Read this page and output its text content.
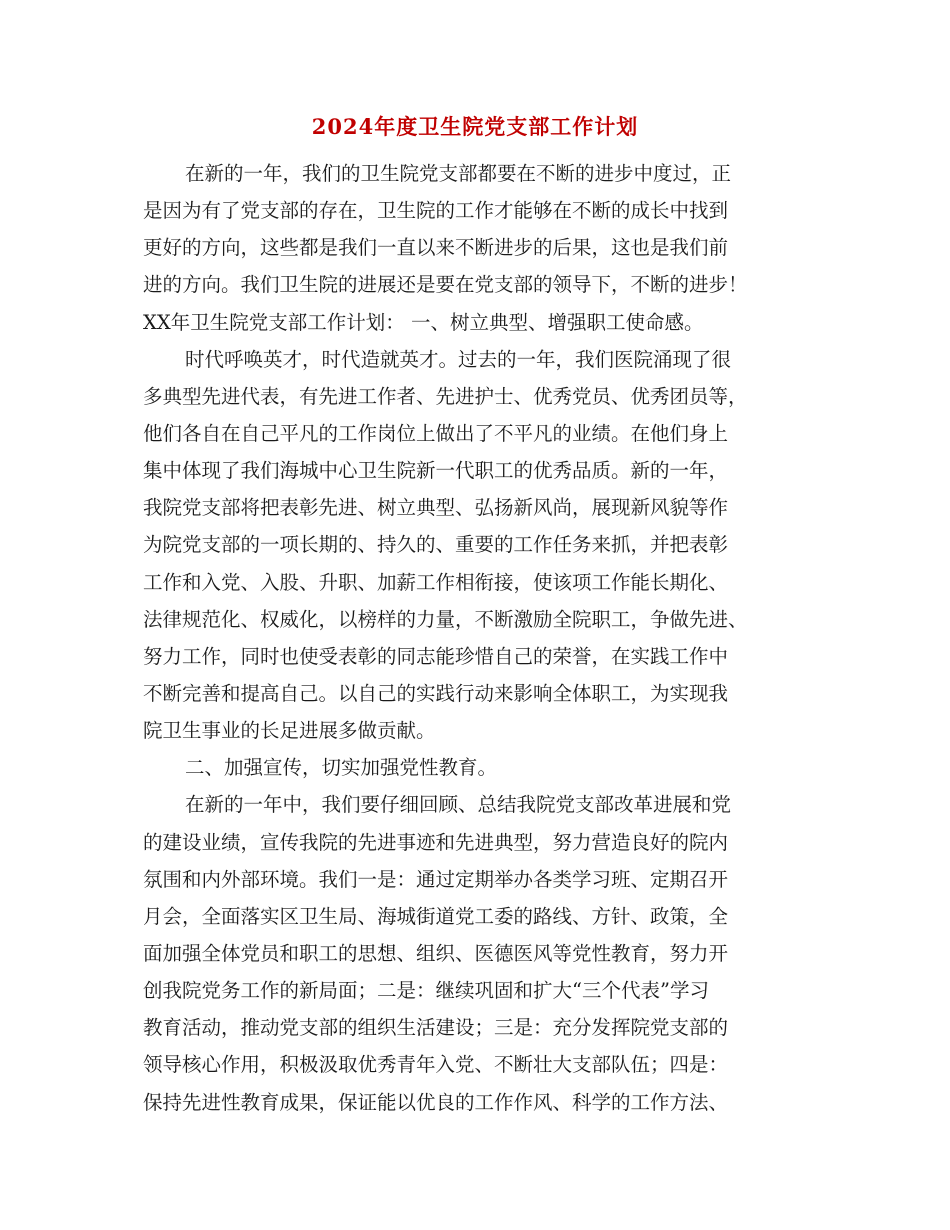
2024年度卫生院党支部工作计划
在新的一年，我们的卫生院党支部都要在不断的进步中度过，正
是因为有了党支部的存在，卫生院的工作才能够在不断的成长中找到
更好的方向，这些都是我们一直以来不断进步的后果，这也是我们前
进的方向。我们卫生院的进展还是要在党支部的领导下，不断的进步！
XX年卫生院党支部工作计划： 一、树立典型、增强职工使命感。
时代呼唤英才，时代造就英才。过去的一年，我们医院涌现了很
多典型先进代表，有先进工作者、先进护士、优秀党员、优秀团员等，
他们各自在自己平凡的工作岗位上做出了不平凡的业绩。在他们身上
集中体现了我们海城中心卫生院新一代职工的优秀品质。新的一年，
我院党支部将把表彰先进、树立典型、弘扬新风尚，展现新风貌等作
为院党支部的一项长期的、持久的、重要的工作任务来抓，并把表彰
工作和入党、入股、升职、加薪工作相衔接，使该项工作能长期化、
法律规范化、权威化，以榜样的力量，不断激励全院职工，争做先进、
努力工作，同时也使受表彰的同志能珍惜自己的荣誉，在实践工作中
不断完善和提高自己。以自己的实践行动来影响全体职工，为实现我
院卫生事业的长足进展多做贡献。
二、加强宣传，切实加强党性教育。
在新的一年中，我们要仔细回顾、总结我院党支部改革进展和党
的建设业绩，宣传我院的先进事迹和先进典型，努力营造良好的院内
氛围和内外部环境。我们一是：通过定期举办各类学习班、定期召开
月会，全面落实区卫生局、海城街道党工委的路线、方针、政策，全
面加强全体党员和职工的思想、组织、医德医风等党性教育，努力开
创我院党务工作的新局面；二是：继续巩固和扩大“三个代表”学习
教育活动，推动党支部的组织生活建设；三是：充分发挥院党支部的
领导核心作用，积极汲取优秀青年入党、不断壮大支部队伍；四是：
保持先进性教育成果，保证能以优良的工作作风、科学的工作方法、
